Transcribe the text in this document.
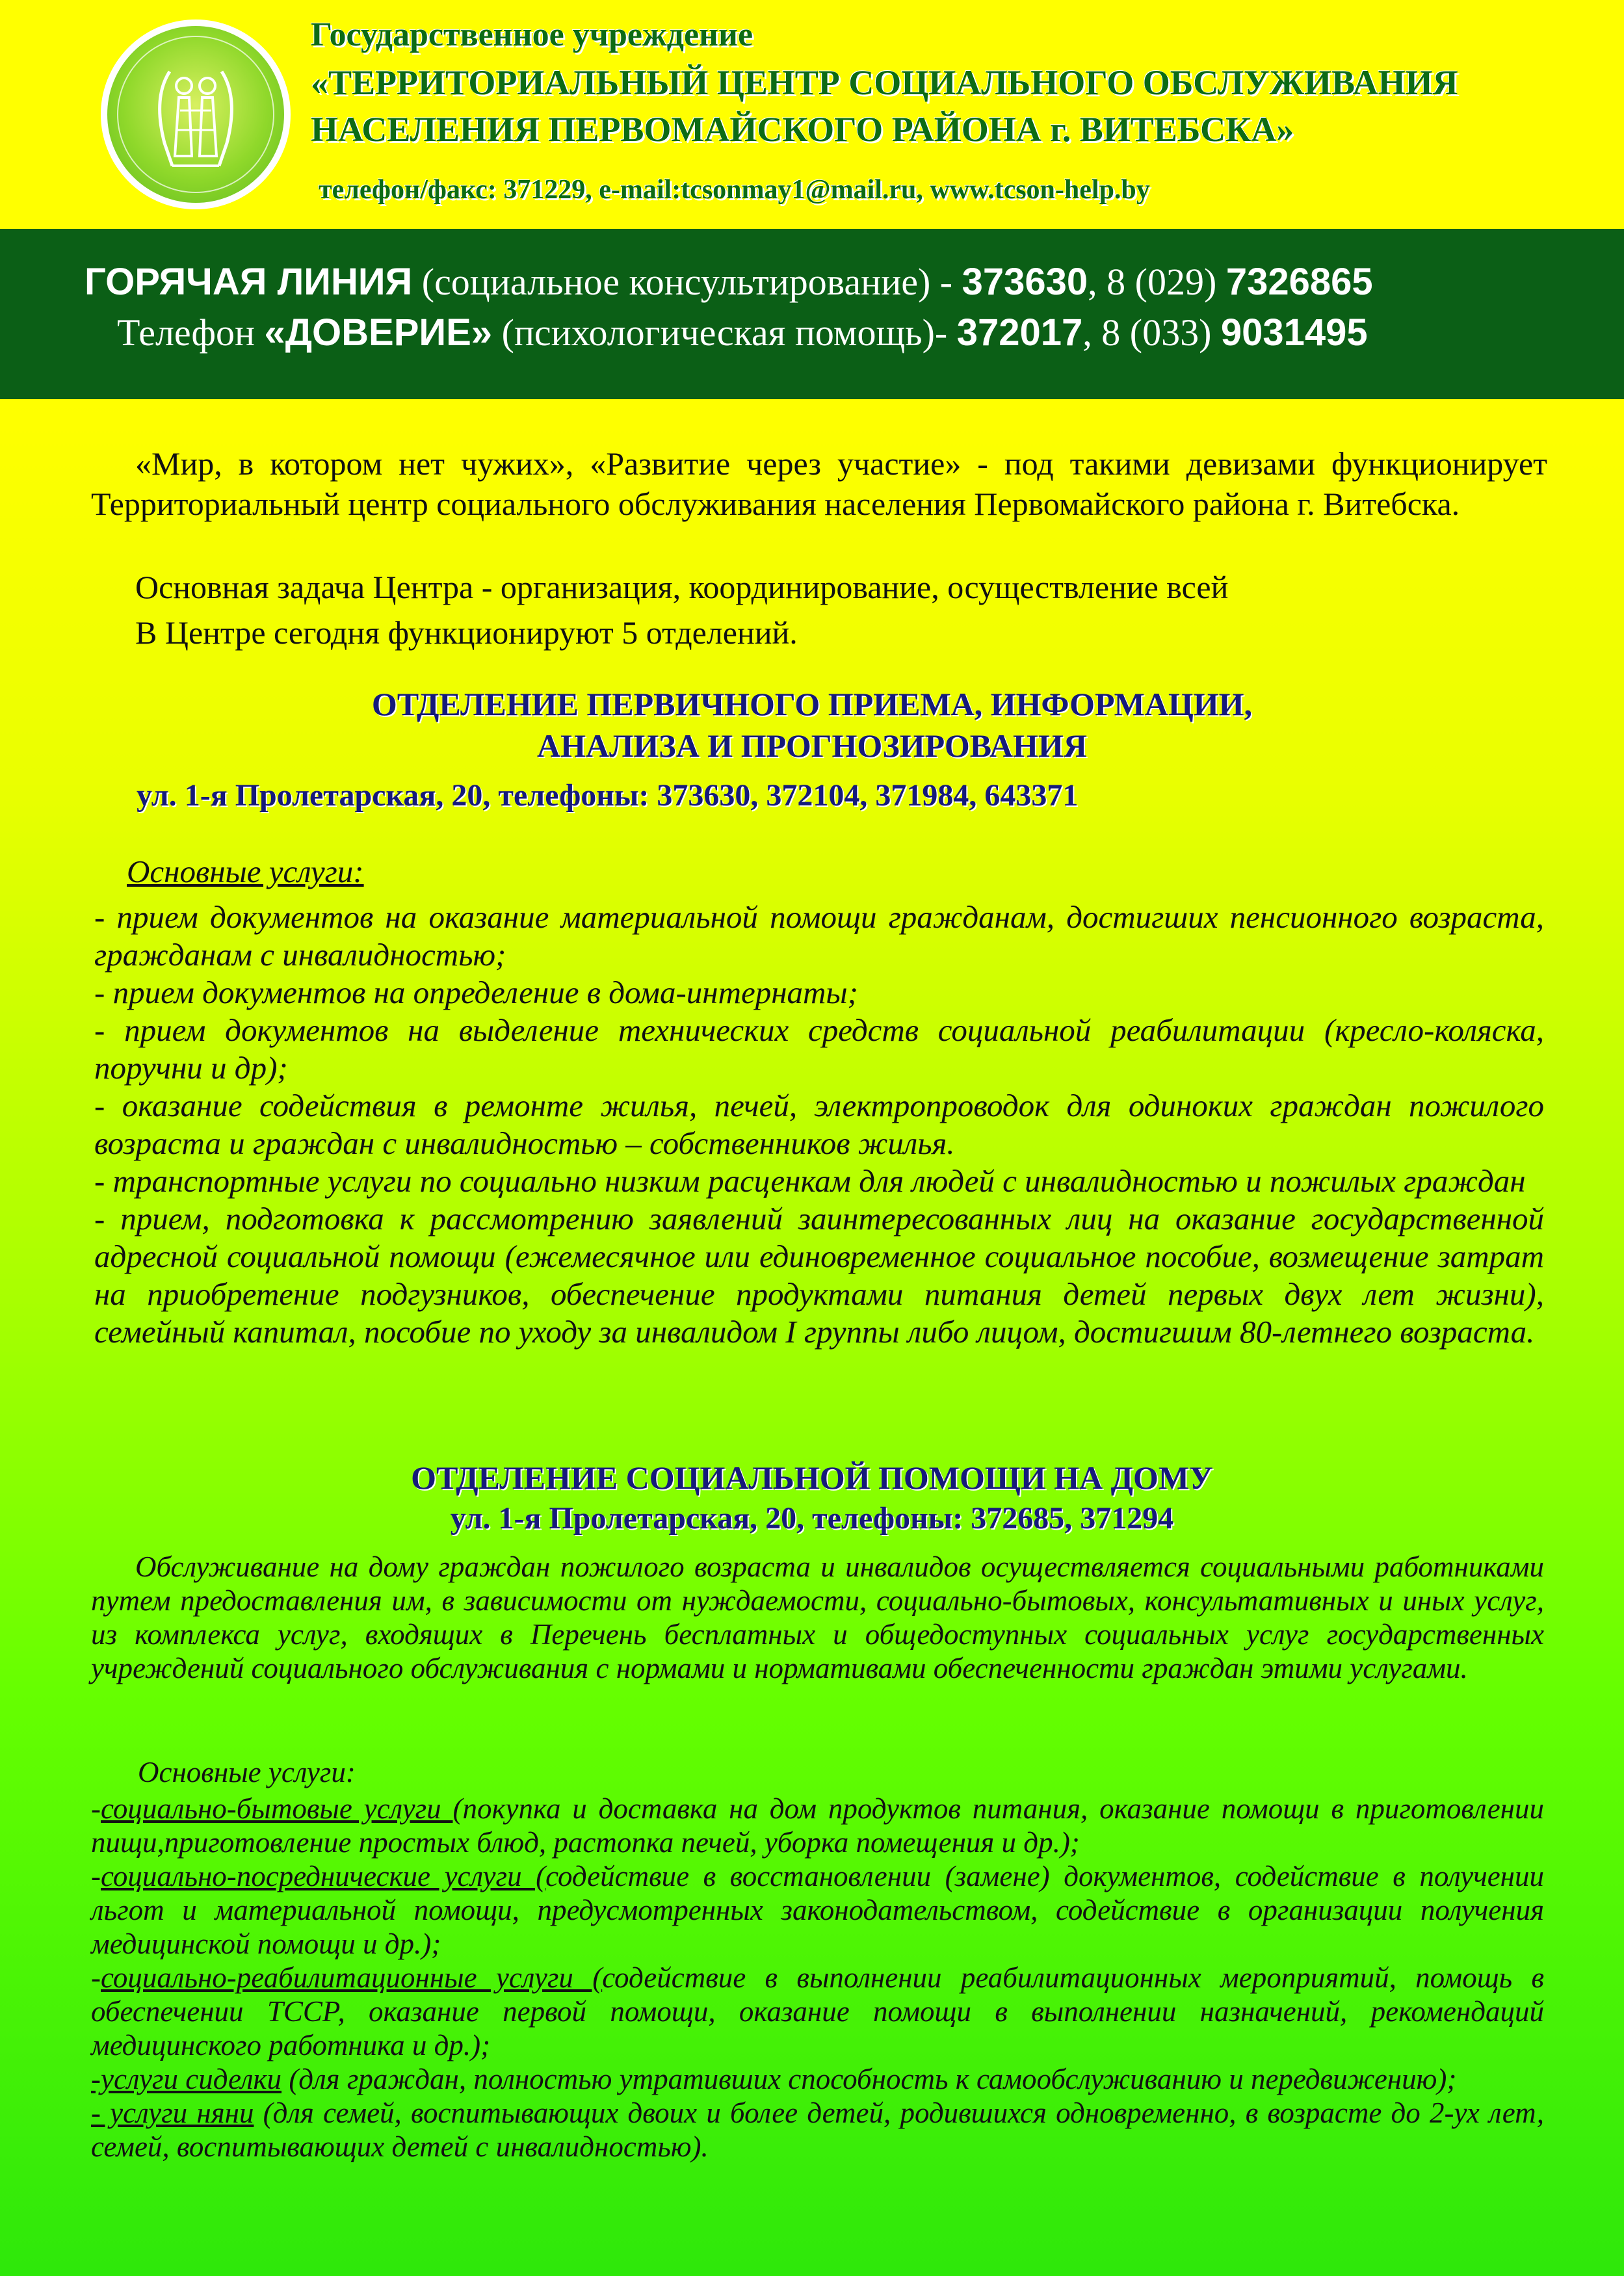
Государственное учреждение
«ТЕРРИТОРИАЛЬНЫЙ ЦЕНТР СОЦИАЛЬНОГО ОБСЛУЖИВАНИЯ
НАСЕЛЕНИЯ ПЕРВОМАЙСКОГО РАЙОНА г. ВИТЕБСКА»
телефон/факс: 371229, e-mail:tcsonmay1@mail.ru, www.tcson-help.by
ГОРЯЧАЯ ЛИНИЯ (социальное консультирование) - 373630, 8 (029) 7326865
Телефон «ДОВЕРИЕ» (психологическая помощь)- 372017, 8 (033) 9031495
«Мир, в котором нет чужих», «Развитие через участие» - под такими девизами функционирует Территориальный центр социального обслуживания населения Первомайского района г. Витебска.
Основная задача Центра - организация, координирование, осуществление всей
В Центре сегодня функционируют 5 отделений.
ОТДЕЛЕНИЕ ПЕРВИЧНОГО ПРИЕМА, ИНФОРМАЦИИ,
АНАЛИЗА И ПРОГНОЗИРОВАНИЯ
ул. 1-я Пролетарская, 20, телефоны: 373630, 372104, 371984, 643371
Основные услуги:
- прием документов на оказание материальной помощи гражданам, достигших пенсионного возраста, гражданам с инвалидностью;
- прием документов на определение в дома-интернаты;
- прием документов на выделение технических средств социальной реабилитации (кресло-коляска, поручни и др);
- оказание содействия в ремонте жилья, печей, электропроводок для одиноких граждан пожилого возраста и граждан с инвалидностью – собственников жилья.
- транспортные услуги по социально низким расценкам для людей с инвалидностью и пожилых граждан
- прием, подготовка к рассмотрению заявлений заинтересованных лиц на оказание государственной адресной социальной помощи (ежемесячное или единовременное социальное пособие, возмещение затрат на приобретение подгузников, обеспечение продуктами питания детей первых двух лет жизни), семейный капитал, пособие по уходу за инвалидом I группы либо лицом, достигшим 80-летнего возраста.
ОТДЕЛЕНИЕ СОЦИАЛЬНОЙ ПОМОЩИ НА ДОМУ
ул. 1-я Пролетарская, 20, телефоны: 372685, 371294
Обслуживание на дому граждан пожилого возраста и инвалидов осуществляется социальными работниками путем предоставления им, в зависимости от нуждаемости, социально-бытовых, консультативных и иных услуг, из комплекса услуг, входящих в Перечень бесплатных и общедоступных социальных услуг государственных учреждений социального обслуживания с нормами и нормативами обеспеченности граждан этими услугами.
Основные услуги:
-социально-бытовые услуги (покупка и доставка на дом продуктов питания, оказание помощи в приготовлении пищи,приготовление простых блюд, растопка печей, уборка помещения и др.);
-социально-посреднические услуги (содействие в восстановлении (замене) документов, содействие в получении льгот и материальной помощи, предусмотренных законодательством, содействие в организации получения медицинской помощи и др.);
-социально-реабилитационные услуги (содействие в выполнении реабилитационных мероприятий, помощь в обеспечении ТССР, оказание первой помощи, оказание помощи в выполнении назначений, рекомендаций медицинского работника и др.);
-услуги сиделки (для граждан, полностью утративших способность к самообслуживанию и передвижению);
- услуги няни (для семей, воспитывающих двоих и более детей, родившихся одновременно, в возрасте до 2-ух лет, семей, воспитывающих детей с инвалидностью).
